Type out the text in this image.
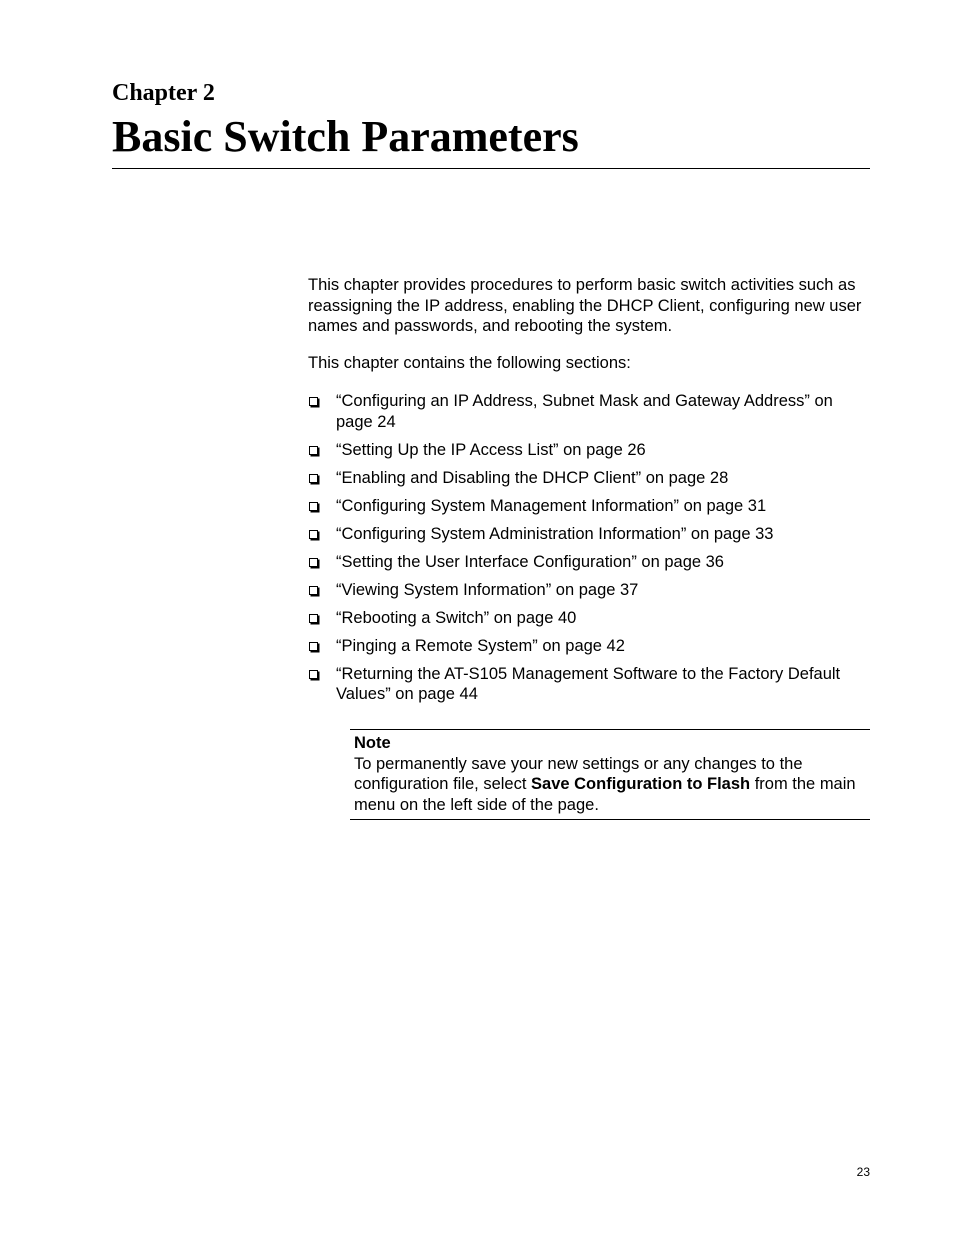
Chapter 2
Basic Switch Parameters

This chapter provides procedures to perform basic switch activities such as reassigning the IP address, enabling the DHCP Client, configuring new user names and passwords, and rebooting the system.

This chapter contains the following sections:

“Configuring an IP Address, Subnet Mask and Gateway Address” on page 24
“Setting Up the IP Access List” on page 26
“Enabling and Disabling the DHCP Client” on page 28
“Configuring System Management Information” on page 31
“Configuring System Administration Information” on page 33
“Setting the User Interface Configuration” on page 36
“Viewing System Information” on page 37
“Rebooting a Switch” on page 40
“Pinging a Remote System” on page 42
“Returning the AT-S105 Management Software to the Factory Default Values” on page 44

Note

To permanently save your new settings or any changes to the configuration file, select Save Configuration to Flash from the main menu on the left side of the page.

23
